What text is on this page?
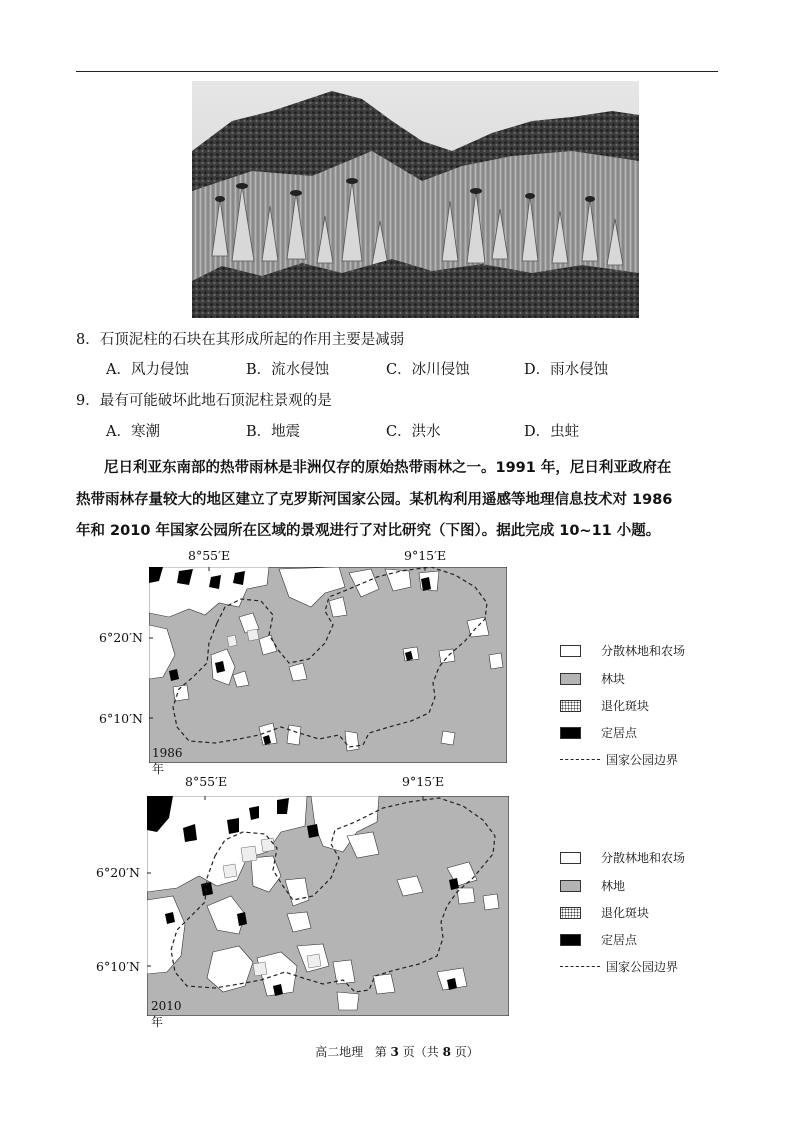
8．石顶泥柱的石块在其形成所起的作用主要是减弱
A．风力侵蚀	B．流水侵蚀	C．冰川侵蚀	D．雨水侵蚀
9．最有可能破坏此地石顶泥柱景观的是
A．寒潮	B．地震	C．洪水	D．虫蛀
尼日利亚东南部的热带雨林是非洲仅存的原始热带雨林之一。1991 年，尼日利亚政府在
热带雨林存量较大的地区建立了克罗斯河国家公园。某机构利用遥感等地理信息技术对 1986
年和 2010 年国家公园所在区域的景观进行了对比研究（下图）。据此完成 10~11 小题。
8°55′E	9°15′E
6°20′N
6°10′N
1986年
分散林地和农场
林块
退化斑块
定居点
国家公园边界
8°55′E	9°15′E
6°20′N
6°10′N
2010年
分散林地和农场
林地
退化斑块
定居点
国家公园边界
高二地理 第 3 页（共 8 页）
